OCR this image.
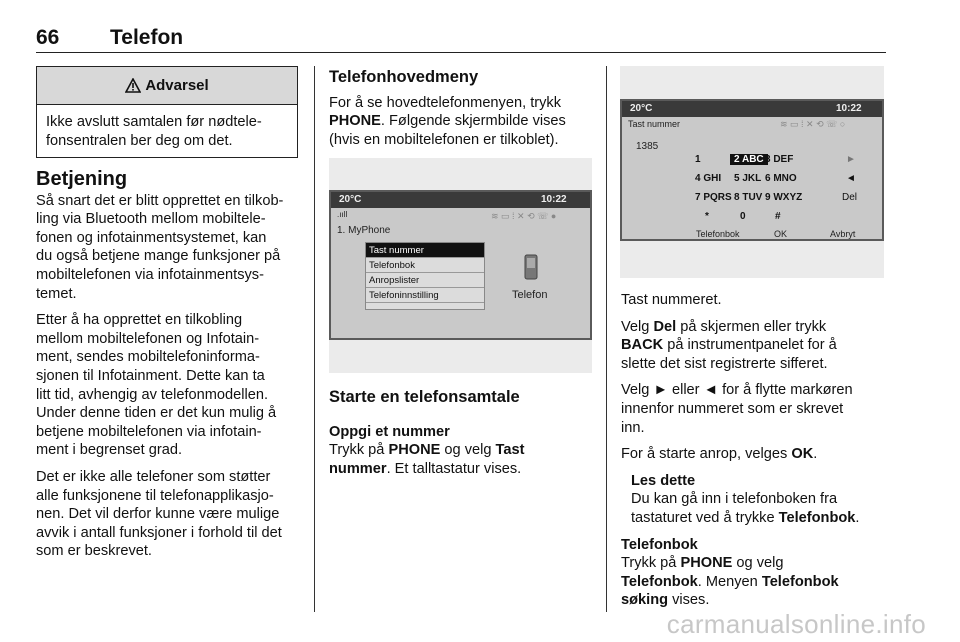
66 Telefon
Advarsel
Ikke avslutt samtalen før nødtele-
fonsentralen ber deg om det.
Betjening

Så snart det er blitt opprettet en tilkob-
ling via Bluetooth mellom mobiltele-
fonen og infotainmentsystemet, kan
du også betjene mange funksjoner på
mobiltelefonen via infotainmentsys-
temet.

Etter å ha opprettet en tilkobling
mellom mobiltelefonen og Infotain-
ment, sendes mobiltelefoninforma-
sjonen til Infotainment. Dette kan ta
litt tid, avhengig av telefonmodellen.
Under denne tiden er det kun mulig å
betjene mobiltelefonen via infotain-
ment i begrenset grad.

Det er ikke alle telefoner som støtter
alle funksjonene til telefonapplikasjo-
nen. Det vil derfor kunne være mulige
avvik i antall funksjoner i forhold til det
som er beskrevet.

Telefonhovedmeny
For å se hovedtelefonmenyen, trykk
PHONE. Følgende skjermbilde vises
(hvis en mobiltelefonen er tilkoblet).
20°C	10:22
.ııll	≋ ▭ ⁞ ✕ ⟲ ☏ ●
1. MyPhone
Tast nummer
Telefonbok
Anropslister
Telefoninnstilling	Telefon
Starte en telefonsamtale
Oppgi et nummer
Trykk på PHONE og velg Tast
nummer. Et talltastatur vises.
20°C	10:22
Tast nummer	≋ ▭ ⁞ ✕ ⟲ ☏ ○
1385
1	2 ABC 3 DEF
4 GHI 5 JKL 6 MNO
7 PQRS 8 TUV 9 WXYZ
*	0	#
►
◄
Del
Telefonbok	OK	Avbryt

Tast nummeret.

Velg Del på skjermen eller trykk
BACK på instrumentpanelet for å
slette det sist registrerte sifferet.

Velg ► eller ◄ for å flytte markøren
innenfor nummeret som er skrevet
inn.

For å starte anrop, velges OK.

Les dette
Du kan gå inn i telefonboken fra
tastaturet ved å trykke Telefonbok.
Telefonbok
Trykk på PHONE og velg
Telefonbok. Menyen Telefonbok
søking vises.
carmanualsonline.info
